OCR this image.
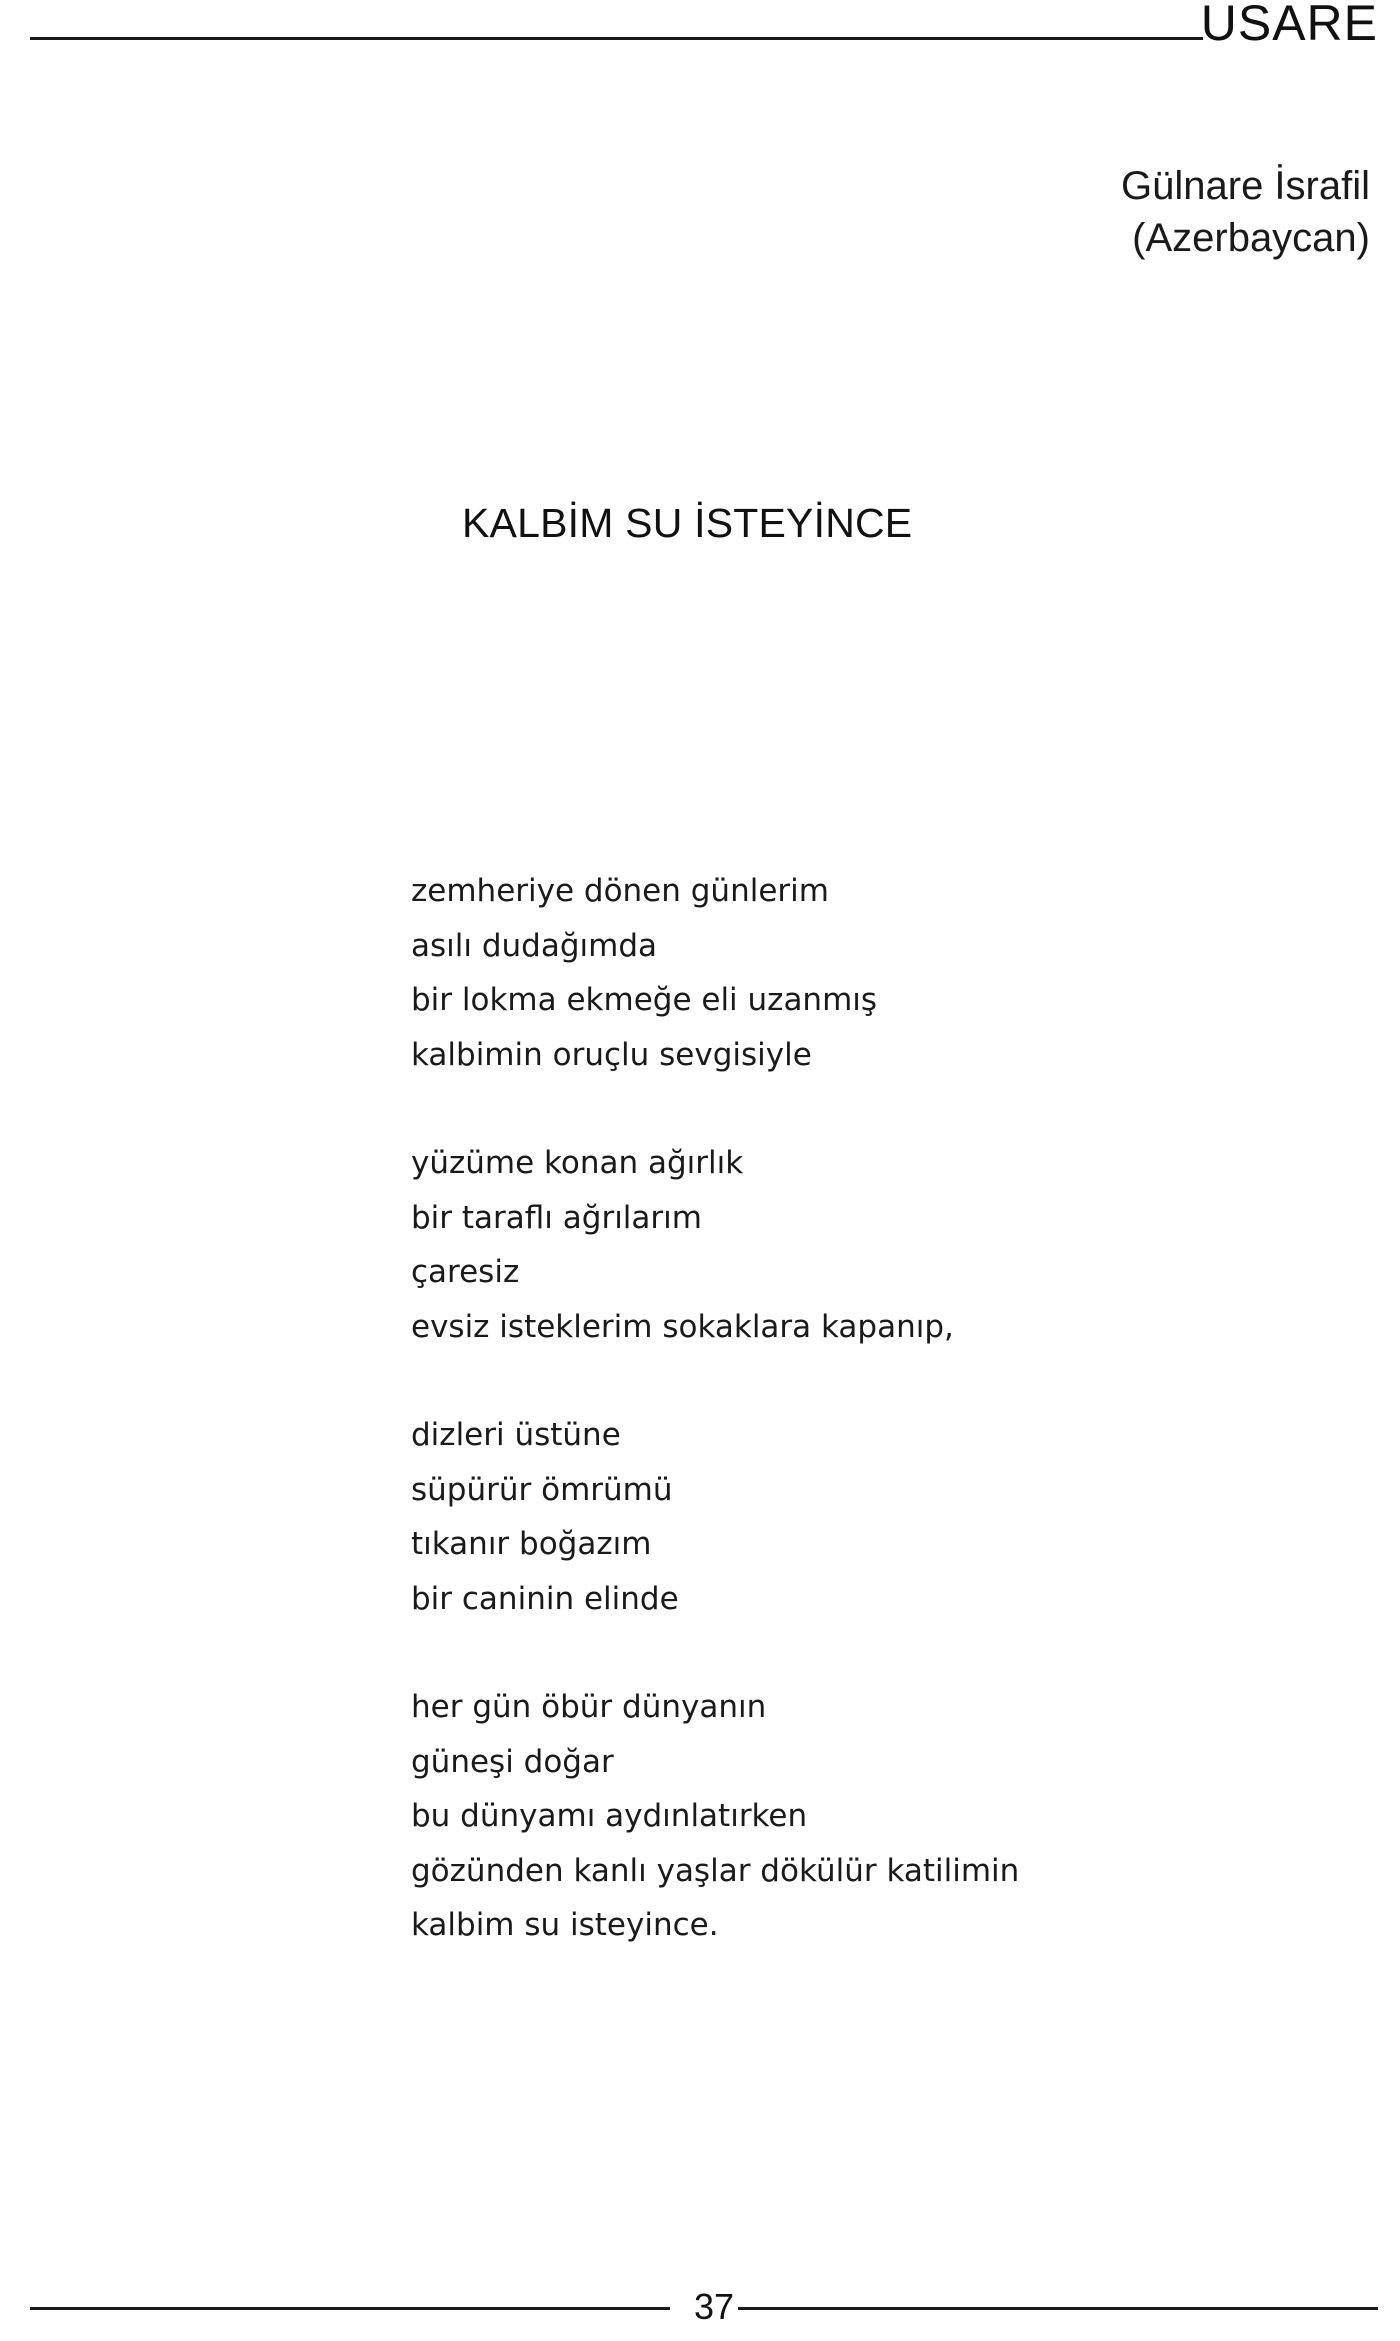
USARE
Gülnare İsrafil
(Azerbaycan)
KALBİM SU İSTEYİNCE
zemheriye dönen günlerim
asılı dudağımda
bir lokma ekmeğe eli uzanmış
kalbimin oruçlu sevgisiyle
yüzüme konan ağırlık
bir taraflı ağrılarım
çaresiz
evsiz isteklerim sokaklara kapanıp,
dizleri üstüne
süpürür ömrümü
tıkanır boğazım
bir caninin elinde
her gün öbür dünyanın
güneşi doğar
bu dünyamı aydınlatırken
gözünden kanlı yaşlar dökülür katilimin
kalbim su isteyince.
37
